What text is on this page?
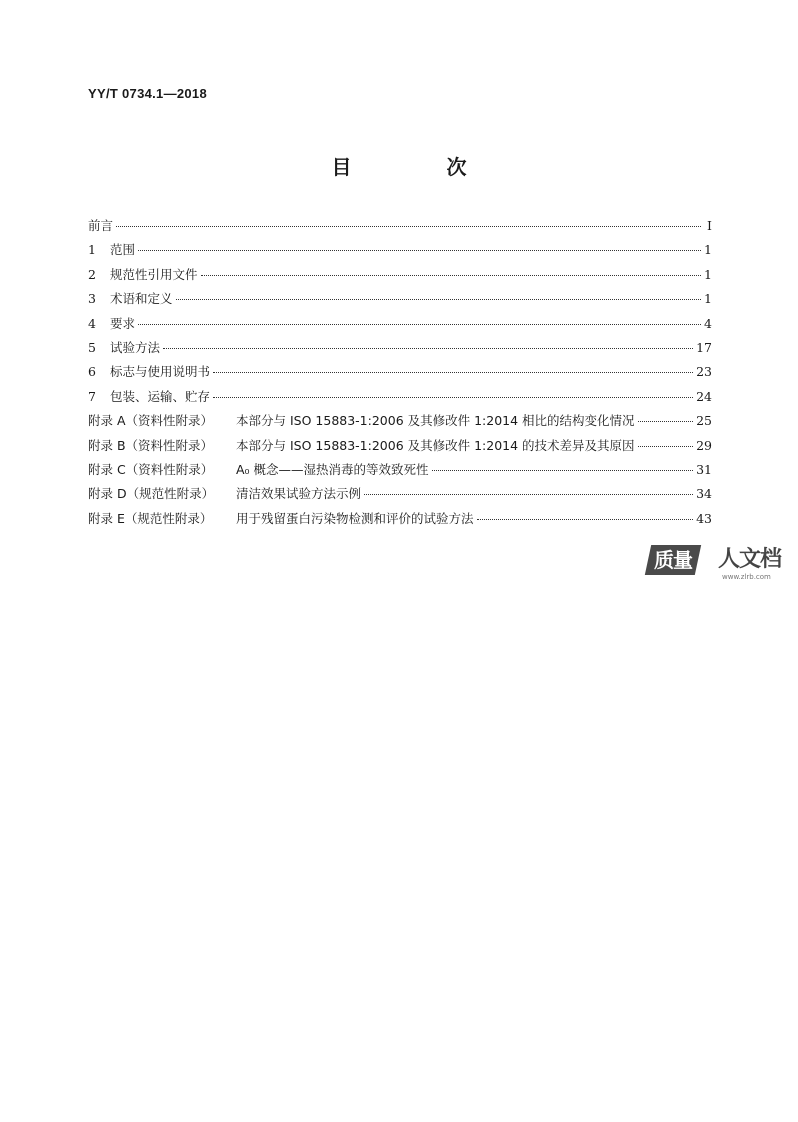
YY/T 0734.1—2018
目 次
前言	Ⅰ
1	范围	1
2	规范性引用文件	1
3	术语和定义	1
4	要求	4
5	试验方法	17
6	标志与使用说明书	23
7	包装、运输、贮存	24
附录 A（资料性附录）	本部分与 ISO 15883-1:2006 及其修改件 1:2014 相比的结构变化情况	25
附录 B（资料性附录）	本部分与 ISO 15883-1:2006 及其修改件 1:2014 的技术差异及其原因	29
附录 C（资料性附录）	A₀ 概念——湿热消毒的等效致死性	31
附录 D（规范性附录）	清洁效果试验方法示例	34
附录 E（规范性附录）	用于残留蛋白污染物检测和评价的试验方法	43
质量	人文档
www.zlrb.com
